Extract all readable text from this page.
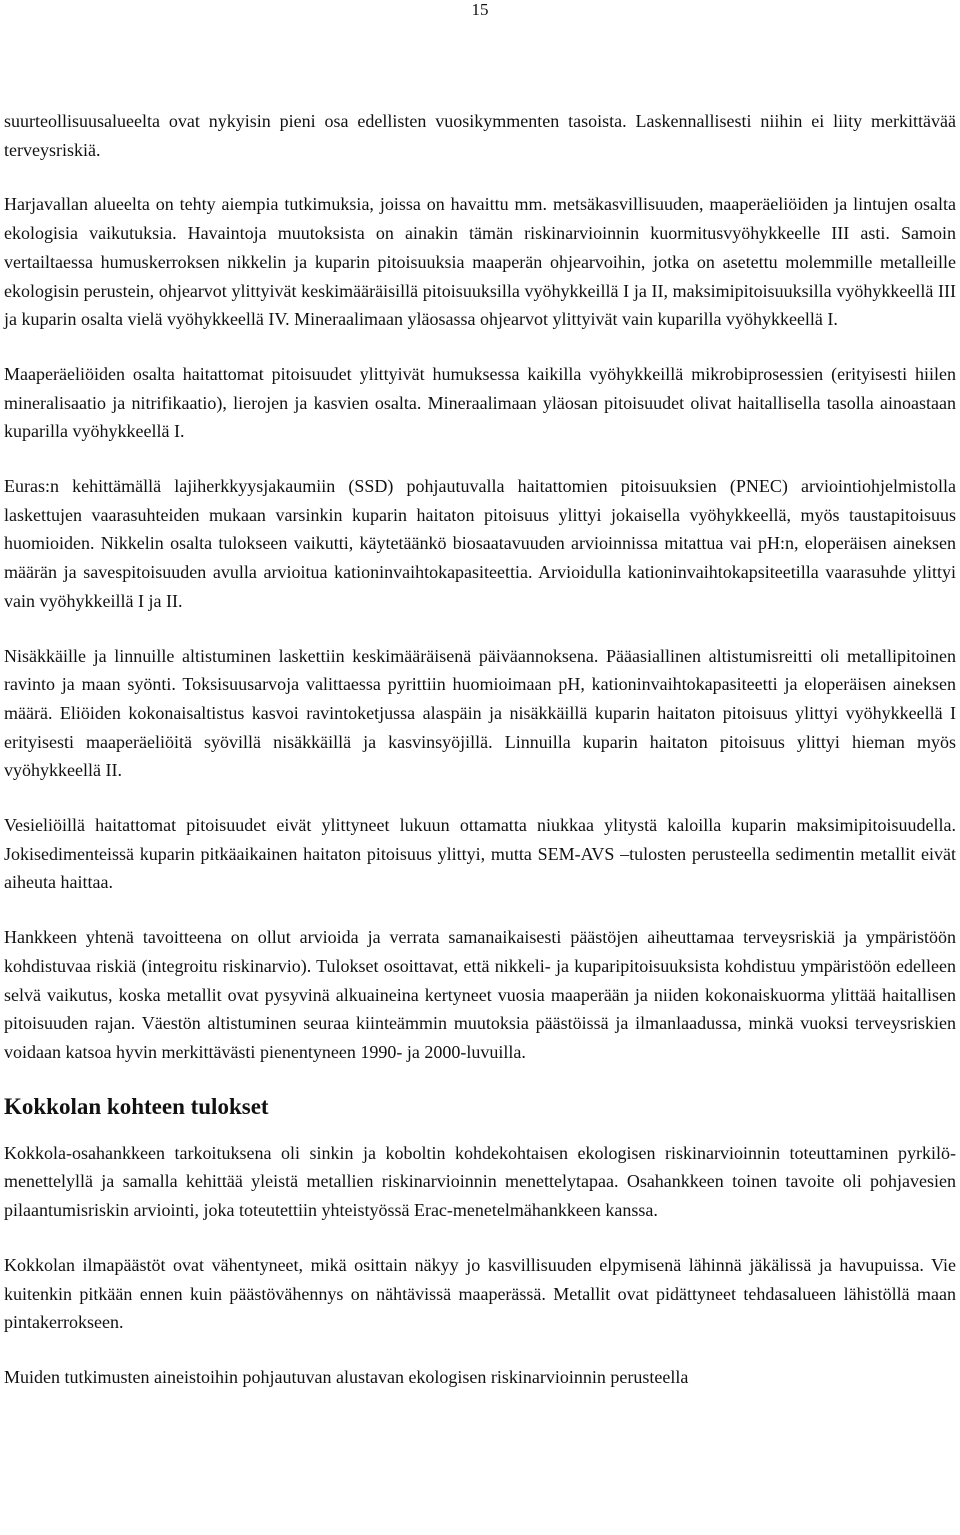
15

suurteollisuusalueelta ovat nykyisin pieni osa edellisten vuosikymmenten tasoista. Laskennallisesti niihin ei liity merkittävää terveysriskiä.

Harjavallan alueelta on tehty aiempia tutkimuksia, joissa on havaittu mm. metsäkasvillisuuden, maaperäeliöiden ja lintujen osalta ekologisia vaikutuksia. Havaintoja muutoksista on ainakin tämän riskinarvioinnin kuormitusvyöhykkeelle III asti. Samoin vertailtaessa humuskerroksen nikkelin ja kuparin pitoisuuksia maaperän ohjearvoihin, jotka on asetettu molemmille metalleille ekologisin perustein, ohjearvot ylittyivät keskimääräisillä pitoisuuksilla vyöhykkeillä I ja II, maksimipitoisuuksilla vyöhykkeellä III ja kuparin osalta vielä vyöhykkeellä IV. Mineraalimaan yläosassa ohjearvot ylittyivät vain kuparilla vyöhykkeellä I.

Maaperäeliöiden osalta haitattomat pitoisuudet ylittyivät humuksessa kaikilla vyöhykkeillä mikrobiprosessien (erityisesti hiilen mineralisaatio ja nitrifikaatio), lierojen ja kasvien osalta. Mineraalimaan yläosan pitoisuudet olivat haitallisella tasolla ainoastaan kuparilla vyöhykkeellä I.

Euras:n kehittämällä lajiherkkyysjakaumiin (SSD) pohjautuvalla haitattomien pitoisuuksien (PNEC) arviointiohjelmistolla laskettujen vaarasuhteiden mukaan varsinkin kuparin haitaton pitoisuus ylittyi jokaisella vyöhykkeellä, myös taustapitoisuus huomioiden. Nikkelin osalta tulokseen vaikutti, käytetäänkö biosaatavuuden arvioinnissa mitattua vai pH:n, eloperäisen aineksen määrän ja savespitoisuuden avulla arvioitua kationinvaihtokapasiteettia. Arvioidulla kationinvaihtokapsiteetilla vaarasuhde ylittyi vain vyöhykkeillä I ja II.

Nisäkkäille ja linnuille altistuminen laskettiin keskimääräisenä päiväannoksena. Pääasiallinen altistumisreitti oli metallipitoinen ravinto ja maan syönti. Toksisuusarvoja valittaessa pyrittiin huomioimaan pH, kationinvaihtokapasiteetti ja eloperäisen aineksen määrä. Eliöiden kokonaisaltistus kasvoi ravintoketjussa alaspäin ja nisäkkäillä kuparin haitaton pitoisuus ylittyi vyöhykkeellä I erityisesti maaperäeliöitä syövillä nisäkkäillä ja kasvinsyöjillä. Linnuilla kuparin haitaton pitoisuus ylittyi hieman myös vyöhykkeellä II.

Vesieliöillä haitattomat pitoisuudet eivät ylittyneet lukuun ottamatta niukkaa ylitystä kaloilla kuparin maksimipitoisuudella. Jokisedimenteissä kuparin pitkäaikainen haitaton pitoisuus ylittyi, mutta SEM-AVS –tulosten perusteella sedimentin metallit eivät aiheuta haittaa.

Hankkeen yhtenä tavoitteena on ollut arvioida ja verrata samanaikaisesti päästöjen aiheuttamaa terveysriskiä ja ympäristöön kohdistuvaa riskiä (integroitu riskinarvio). Tulokset osoittavat, että nikkeli- ja kuparipitoisuuksista kohdistuu ympäristöön edelleen selvä vaikutus, koska metallit ovat pysyvinä alkuaineina kertyneet vuosia maaperään ja niiden kokonaiskuorma ylittää haitallisen pitoisuuden rajan. Väestön altistuminen seuraa kiinteämmin muutoksia päästöissä ja ilmanlaadussa, minkä vuoksi terveysriskien voidaan katsoa hyvin merkittävästi pienentyneen 1990- ja 2000-luvuilla.

Kokkolan kohteen tulokset

Kokkola-osahankkeen tarkoituksena oli sinkin ja koboltin kohdekohtaisen ekologisen riskinarvioinnin toteuttaminen pyrkilö-menettelyllä ja samalla kehittää yleistä metallien riskinarvioinnin menettelytapaa. Osahankkeen toinen tavoite oli pohjavesien pilaantumisriskin arviointi, joka toteutettiin yhteistyössä Erac-menetelmähankkeen kanssa.

Kokkolan ilmapäästöt ovat vähentyneet, mikä osittain näkyy jo kasvillisuuden elpymisenä lähinnä jäkälissä ja havupuissa. Vie kuitenkin pitkään ennen kuin päästövähennys on nähtävissä maaperässä. Metallit ovat pidättyneet tehdasalueen lähistöllä maan pintakerrokseen.

Muiden tutkimusten aineistoihin pohjautuvan alustavan ekologisen riskinarvioinnin perusteella
